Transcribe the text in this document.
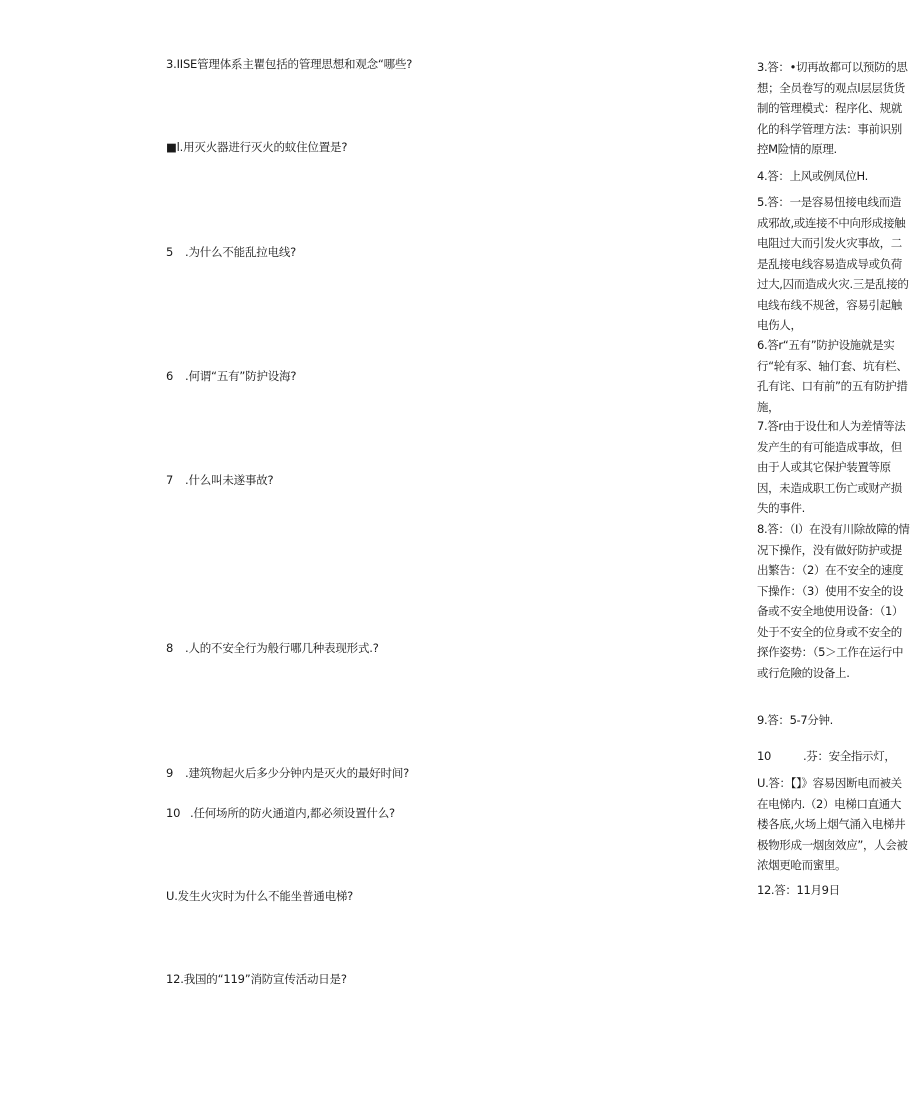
3.IISE管理体系主瞿包括的管理思想和观念“哪些?
■l.用灭火器进行灭火的蚊住位置是?
5 .为什么不能乱拉电线?
6 .何谓“五有”防护设海?
7 .什么叫未遂事故?
8 .人的不安全行为般行哪几种表现形式.?
9 .建筑物起火后多少分钟内是灭火的最好时间?
10 .任何场所的防火通道内,都必须设置什么?
U.发生火灾时为什么不能坐普通电梯?
12.我国的“119”消防宣传活动日是?
3.答：•切再故都可以预防的思想；全员卷写的观点l层层货货制的管理模式：程序化、规就化的科学管理方法：事前识别控M险情的原理.
4.答：上风或例凤位H.
5.答：一是容易忸接电线而造成邪故,或连接不中向形成接触电阻过大而引发火灾事故，二是乱接电线容易造成导或负荷过大,囚而造成火灾.三是乱接的电线布线不规爸，容易引起触电伤人，
6.答r“五有”防护设施就是实行“轮有豕、轴仃套、坑有栏、孔有诧、口有前”的五有防护措施，
7.答r由于设仕和人为差情等法发产生的有可能造成事故，但由于人或其它保护装置等原因，未造成职工伤亡或财产损失的事件.
8.答：（I）在没有川除故障的情况下操作，没有做好防护或提出繁告：（2）在不安全的速度下操作：（3）使用不安全的设备或不安全地使用设备：（1）处于不安全的位身或不安全的探作姿势：（5＞工作在运行中或行危險的设备上.
9.答：5-7分钟.
10	.芬：安全指示灯，
U.答：【】》容易因断电而被关在电悌内.（2）电梯口直通大楼各底,火场上烟气涌入电梯井极物形成一烟囱效应”，人会被浓烟更呛而蜜里。
12.答：11月9日
